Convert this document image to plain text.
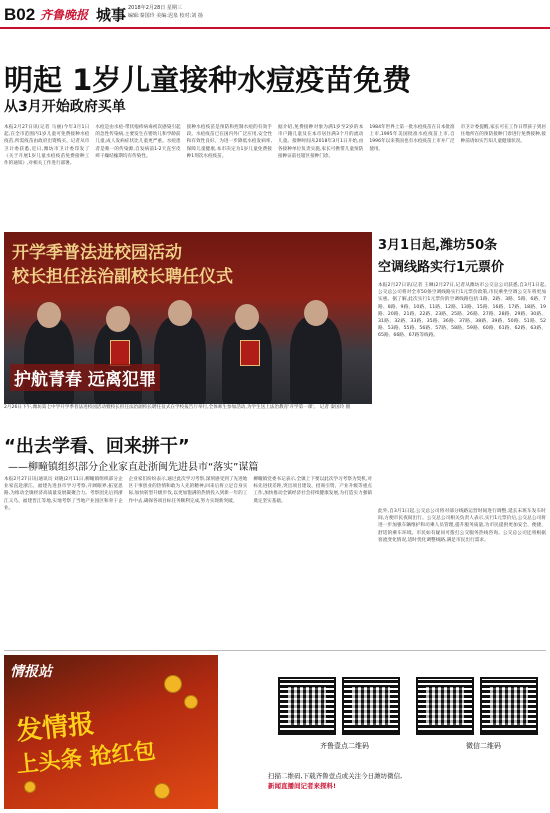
B02 齐鲁晚报 城事 2018年2月28日 星期三
编辑:秦国玲 美编:迟泉 校对:刘 扬
明起 1岁儿童接种水痘疫苗免费
从3月开始政府买单

本报2月27日讯(记者 马丽)今年3月1日起,在全市范围内1岁儿童可免费接种水痘疫苗,所需疫苗由政府出资购买。记者从市卫计委获悉,近日,潍坊市卫计委印发了《关于开展1岁儿童水痘疫苗免费接种工作的通知》,对相关工作进行部署。

水痘是由水痘-带状疱疹病毒初次感染引起的急性传染病,主要发生在婴幼儿和学龄前儿童,成人发病症状比儿童更严重。水痘患者是唯一的传染源,自发病前1-2天直至皮疹干燥结痂期均有传染性。

接种水痘疫苗是预防和控制水痘的有效手段。水痘疫苗已在国内外广泛应用,安全性和有效性良好。为进一步降低水痘发病率,保障儿童健康,本市决定为1岁儿童免费接种1剂次水痘疫苗。

据介绍,免费接种对象为满1岁至2岁的本市户籍儿童及在本市居住满3个月的流动儿童。接种时间从2018年3月1日开始,由各接种单位负责实施,家长可携带儿童预防接种证前往辖区接种门诊。

1984年世界上第一批水痘疫苗在日本批准上市,1995年美国批准水痘疫苗上市,自1996年以来我国也有水痘疫苗上市并广泛使用。

市卫计委提醒,家长可在工作日带孩子到居住地所在的预防接种门诊进行免费接种,接种前请如实告知儿童健康状况。

开学季普法进校园活动
校长担任法治副校长聘任仪式
护航青春 远离犯罪

2月26日下午,潍坊第七中学开学季普法进校园活动暨校长担任法治副校长聘任仪式在学校报告厅举行,全体师生参加活动,为学生送上法治教育'开学第一课'。 记者 秦国玲 摄

3月1日起,潍坊50条
空调线路实行1元票价

本报2月27日讯(记者 王琳)2月27日,记者从潍坊市公交总公司获悉,自3月1日起,公交总公司将对全市50条空调线路实行1元票价政策,市民乘坐空调公交车将更加实惠。据了解,此次实行1元票价的空调线路包括:1路、2路、3路、5路、6路、7路、8路、9路、10路、11路、12路、13路、15路、16路、17路、18路、19路、20路、21路、22路、23路、25路、26路、27路、28路、29路、30路、31路、32路、33路、35路、36路、37路、38路、39路、50路、51路、52路、53路、55路、56路、57路、58路、59路、60路、61路、62路、63路、65路、66路、67路等线路。

“出去学看、回来拼干”
——柳疃镇组织部分企业家直赴浙闽先进县市“落实”谋篇

本报2月27日讯(通讯员 刘晓)2月11日,柳疃镇组织部分企业家直赴浙江、福建先进县市学习考察,开阔眼界,拓宽思路,为推动全镇经济高质量发展凝聚合力。考察团先后到浙江义乌、福建晋江等地,实地考察了当地产业园区和骨干企业。

企业家们纷纷表示,通过此次学习考察,深刻感受到了先进地区干事创业的热情和敢为人先的精神,回来后将立足自身实际,加快转型升级步伐,以更加饱满的热情投入到新一年的工作中去,确保各项目标任务顺利完成,努力实现新突破。

柳疃镇党委书记表示,全镇上下要以此次学习考察为契机,对标先进找差距,突出项目建设、招商引资、产业升级等重点工作,加快推动全镇经济社会持续健康发展,为打造实力强镇奠定坚实基础。

此外,自3月1日起,公交总公司将对部分线路运营时间进行调整,延长末班车发车时间,方便市民夜间出行。公交总公司相关负责人表示,实行1元票价后,公交总公司将进一步加强车辆维护和司乘人员管理,提升服务质量,为市民提供更加安全、便捷、舒适的乘车环境。市民如有疑问可拨打公交服务热线咨询。公交总公司还将根据客流变化情况,适时优化调整线路,满足市民出行需求。

情报站
发情报
上头条 抢红包	齐鲁壹点二维码	微信二维码
扫描二维码,下载齐鲁壹点或关注今日潍坊微信,
新闻直播间记者来探料!
